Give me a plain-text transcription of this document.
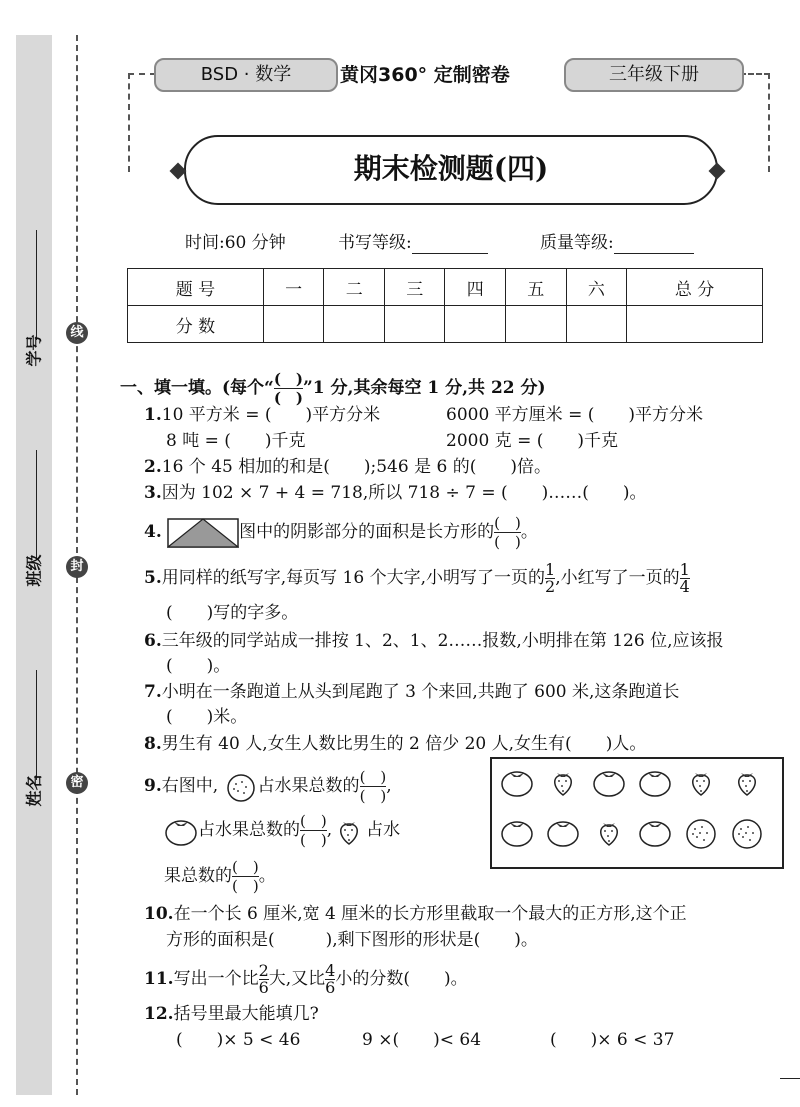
线
封
密
学号
班级
姓名
BSD · 数学	黄冈360° 定制密卷	三年级下册
期末检测题(四)
时间:60 分钟	书写等级:	质量等级:
题 号	一	二	三	四	五	六	总 分
分 数							
一、填一填。(每个“ $\frac{( )}{( )}$ ”1 分,其余每空 1 分,共 22 分)
1.10 平方米 = (　　)平方分米	6000 平方厘米 = (　　)平方分米
8 吨 = (　　)千克	2000 克 = (　　)千克
2.16 个 45 相加的和是(　　);546 是 6 的(　　)倍。
3.因为 102 × 7 + 4 = 718,所以 718 ÷ 7 = (　　)……(　　)。
4.	图中的阴影部分的面积是长方形的 $\frac{( )}{( )}$ 。
5.用同样的纸写字,每页写 16 个大字,小明写了一页的 $\frac{1}{2}$ ,小红写了一页的 $\frac{1}{4}$
(　　)写的字多。
6.三年级的同学站成一排按 1、2、1、2……报数,小明排在第 126 位,应该报
(　　)。
7.小明在一条跑道上从头到尾跑了 3 个来回,共跑了 600 米,这条跑道长
(　　)米。
8.男生有 40 人,女生人数比男生的 2 倍少 20 人,女生有(　　)人。
9.右图中, 占水果总数的 $\frac{( )}{( )}$ ,
占水果总数的 $\frac{( )}{( )}$ , 占水
果总数的 $\frac{( )}{( )}$ 。
10.在一个长 6 厘米,宽 4 厘米的长方形里截取一个最大的正方形,这个正
方形的面积是(　　　),剩下图形的形状是(　　)。
11.写出一个比 $\frac{2}{6}$ 大,又比 $\frac{4}{6}$ 小的分数(　　)。
12.括号里最大能填几?
(　　)× 5 < 46	9 ×(　　)< 64	(　　)× 6 < 37
